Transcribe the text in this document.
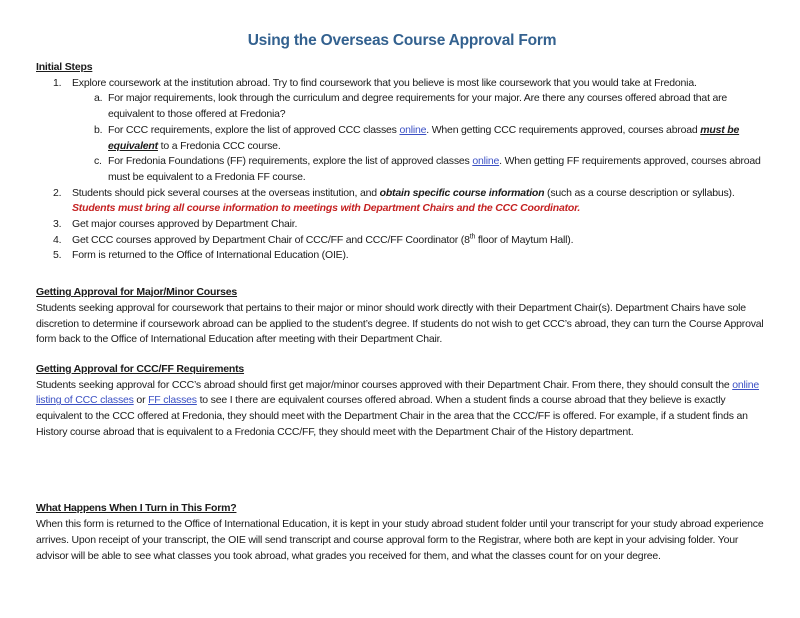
Using the Overseas Course Approval Form
Initial Steps
1.	Explore coursework at the institution abroad. Try to find coursework that you believe is most like coursework that you would take at Fredonia.
a. For major requirements, look through the curriculum and degree requirements for your major. Are there any courses offered abroad that are equivalent to those offered at Fredonia?
b. For CCC requirements, explore the list of approved CCC classes online. When getting CCC requirements approved, courses abroad must be equivalent to a Fredonia CCC course.
c. For Fredonia Foundations (FF) requirements, explore the list of approved classes online. When getting FF requirements approved, courses abroad must be equivalent to a Fredonia FF course.
2.	Students should pick several courses at the overseas institution, and obtain specific course information (such as a course description or syllabus).
Students must bring all course information to meetings with Department Chairs and the CCC Coordinator.
3.	Get major courses approved by Department Chair.
4.	Get CCC courses approved by Department Chair of CCC/FF and CCC/FF Coordinator (8th floor of Maytum Hall).
5.	Form is returned to the Office of International Education (OIE).
Getting Approval for Major/Minor Courses
Students seeking approval for coursework that pertains to their major or minor should work directly with their Department Chair(s). Department Chairs have sole discretion to determine if coursework abroad can be applied to the student’s degree. If students do not wish to get CCC’s abroad, they can turn the Course Approval form back to the Office of International Education after meeting with their Department Chair.
Getting Approval for CCC/FF Requirements
Students seeking approval for CCC’s abroad should first get major/minor courses approved with their Department Chair. From there, they should consult the online listing of CCC classes or FF classes to see I there are equivalent courses offered abroad. When a student finds a course abroad that they believe is exactly equivalent to the CCC offered at Fredonia, they should meet with the Department Chair in the area that the CCC/FF is offered. For example, if a student finds an History course abroad that is equivalent to a Fredonia CCC/FF, they should meet with the Department Chair of the History department.
What Happens When I Turn in This Form?
When this form is returned to the Office of International Education, it is kept in your study abroad student folder until your transcript for your study abroad experience arrives. Upon receipt of your transcript, the OIE will send transcript and course approval form to the Registrar, where both are kept in your advising folder. Your advisor will be able to see what classes you took abroad, what grades you received for them, and what the classes count for on your degree.
